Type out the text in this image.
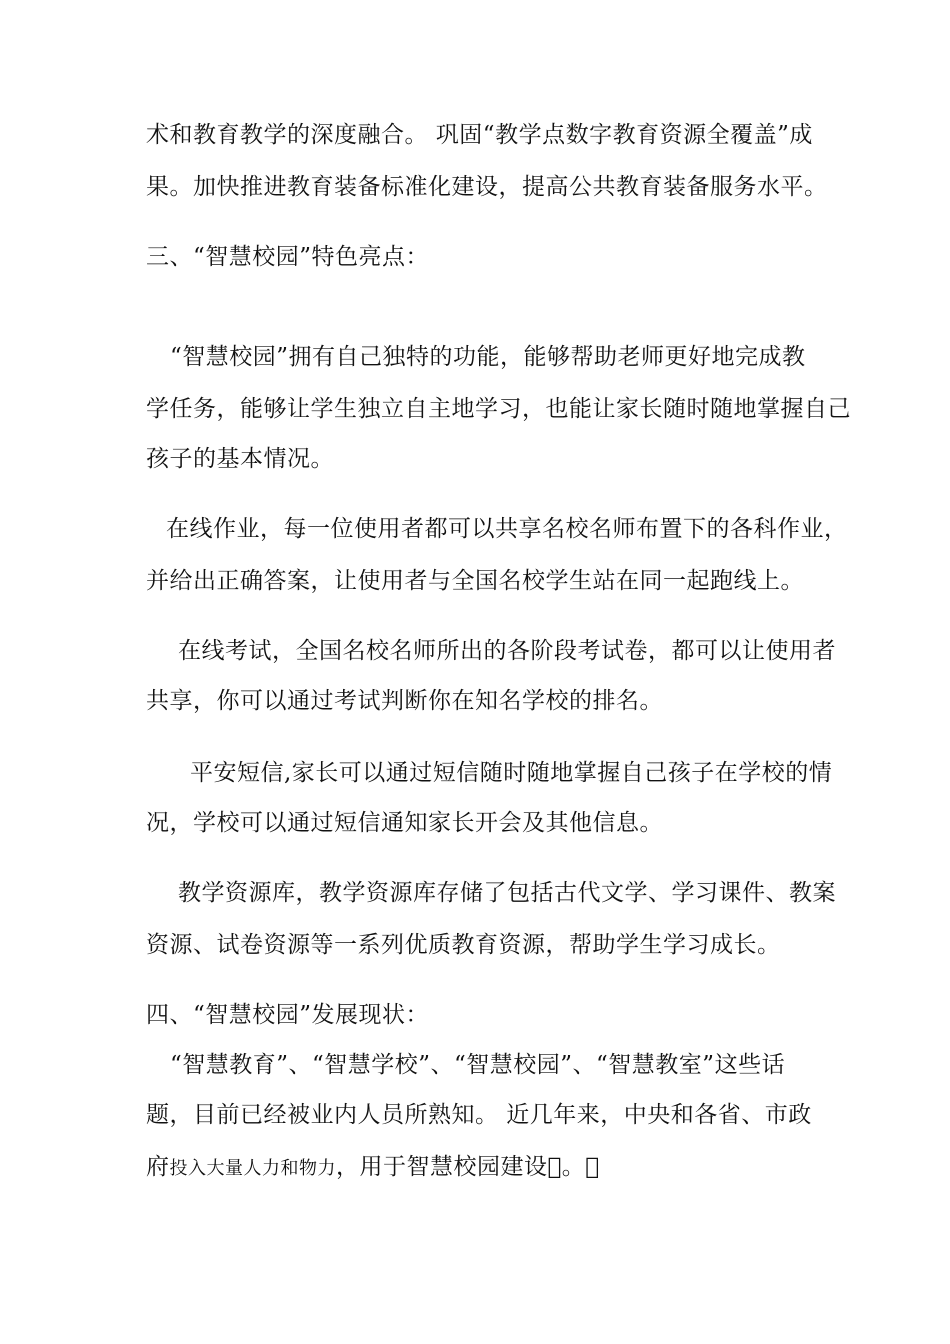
术和教育教学的深度融合。 巩固“教学点数字教育资源全覆盖”成
果。加快推进教育装备标准化建设，提高公共教育装备服务水平。
三、“智慧校园”特色亮点：
“智慧校园”拥有自己独特的功能，能够帮助老师更好地完成教
学任务，能够让学生独立自主地学习，也能让家长随时随地掌握自己
孩子的基本情况。
在线作业，每一位使用者都可以共享名校名师布置下的各科作业，
并给出正确答案，让使用者与全国名校学生站在同一起跑线上。
在线考试，全国名校名师所出的各阶段考试卷，都可以让使用者
共享，你可以通过考试判断你在知名学校的排名。
平安短信,家长可以通过短信随时随地掌握自己孩子在学校的情
况，学校可以通过短信通知家长开会及其他信息。
教学资源库，教学资源库存储了包括古代文学、学习课件、教案
资源、试卷资源等一系列优质教育资源，帮助学生学习成长。
四、“智慧校园”发展现状：
“智慧教育”、“智慧学校”、“智慧校园”、“智慧教室”这些话
题，目前已经被业内人员所熟知。 近几年来，中央和各省、市政
府投入大量人力和物力，用于智慧校园建设 。 
